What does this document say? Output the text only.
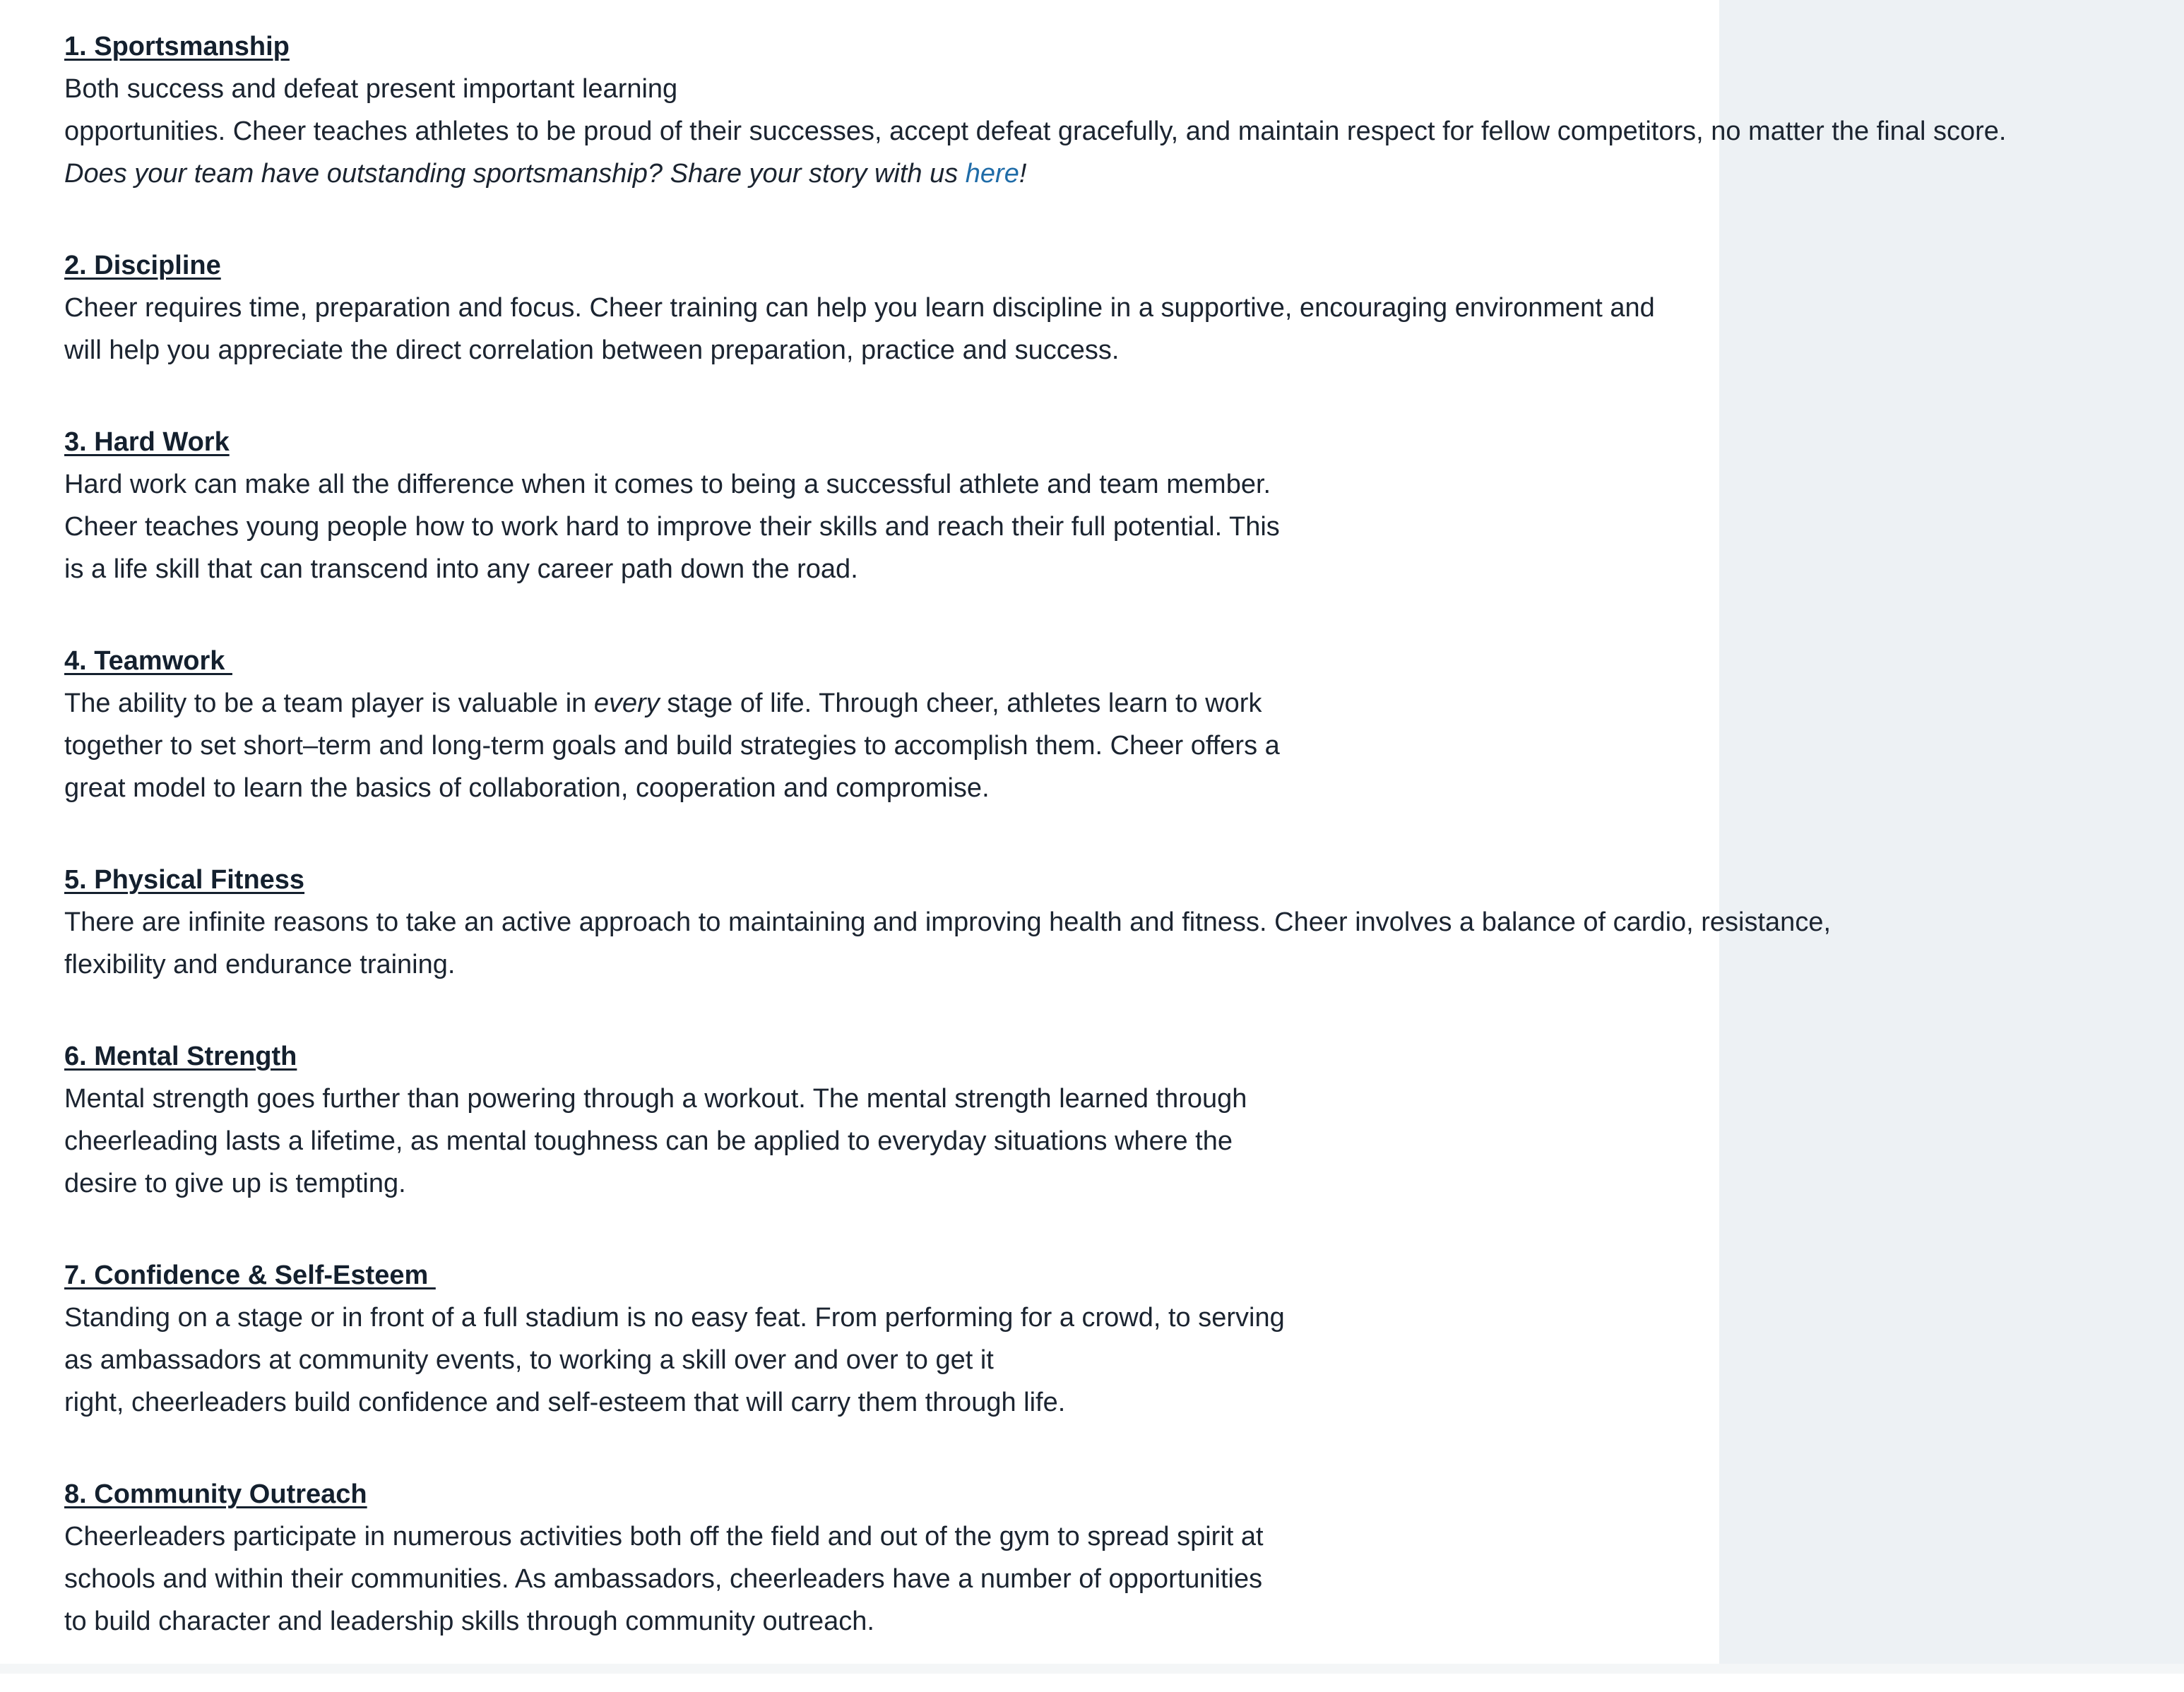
1. Sportsmanship
Both success and defeat present important learning
opportunities. Cheer teaches athletes to be proud of their successes, accept defeat gracefully, and maintain respect for fellow competitors, no matter the final score.
Does your team have outstanding sportsmanship? Share your story with us here!
2. Discipline
Cheer requires time, preparation and focus. Cheer training can help you learn discipline in a supportive, encouraging environment and
will help you appreciate the direct correlation between preparation, practice and success.
3. Hard Work
Hard work can make all the difference when it comes to being a successful athlete and team member.
Cheer teaches young people how to work hard to improve their skills and reach their full potential. This
is a life skill that can transcend into any career path down the road.
4. Teamwork
The ability to be a team player is valuable in every stage of life. Through cheer, athletes learn to work
together to set short–term and long-term goals and build strategies to accomplish them. Cheer offers a
great model to learn the basics of collaboration, cooperation and compromise.
5. Physical Fitness
There are infinite reasons to take an active approach to maintaining and improving health and fitness. Cheer involves a balance of cardio, resistance,
flexibility and endurance training.
6. Mental Strength
Mental strength goes further than powering through a workout. The mental strength learned through
cheerleading lasts a lifetime, as mental toughness can be applied to everyday situations where the
desire to give up is tempting.
7. Confidence & Self-Esteem
Standing on a stage or in front of a full stadium is no easy feat. From performing for a crowd, to serving
as ambassadors at community events, to working a skill over and over to get it
right, cheerleaders build confidence and self-esteem that will carry them through life.
8. Community Outreach
Cheerleaders participate in numerous activities both off the field and out of the gym to spread spirit at
schools and within their communities. As ambassadors, cheerleaders have a number of opportunities
to build character and leadership skills through community outreach.
